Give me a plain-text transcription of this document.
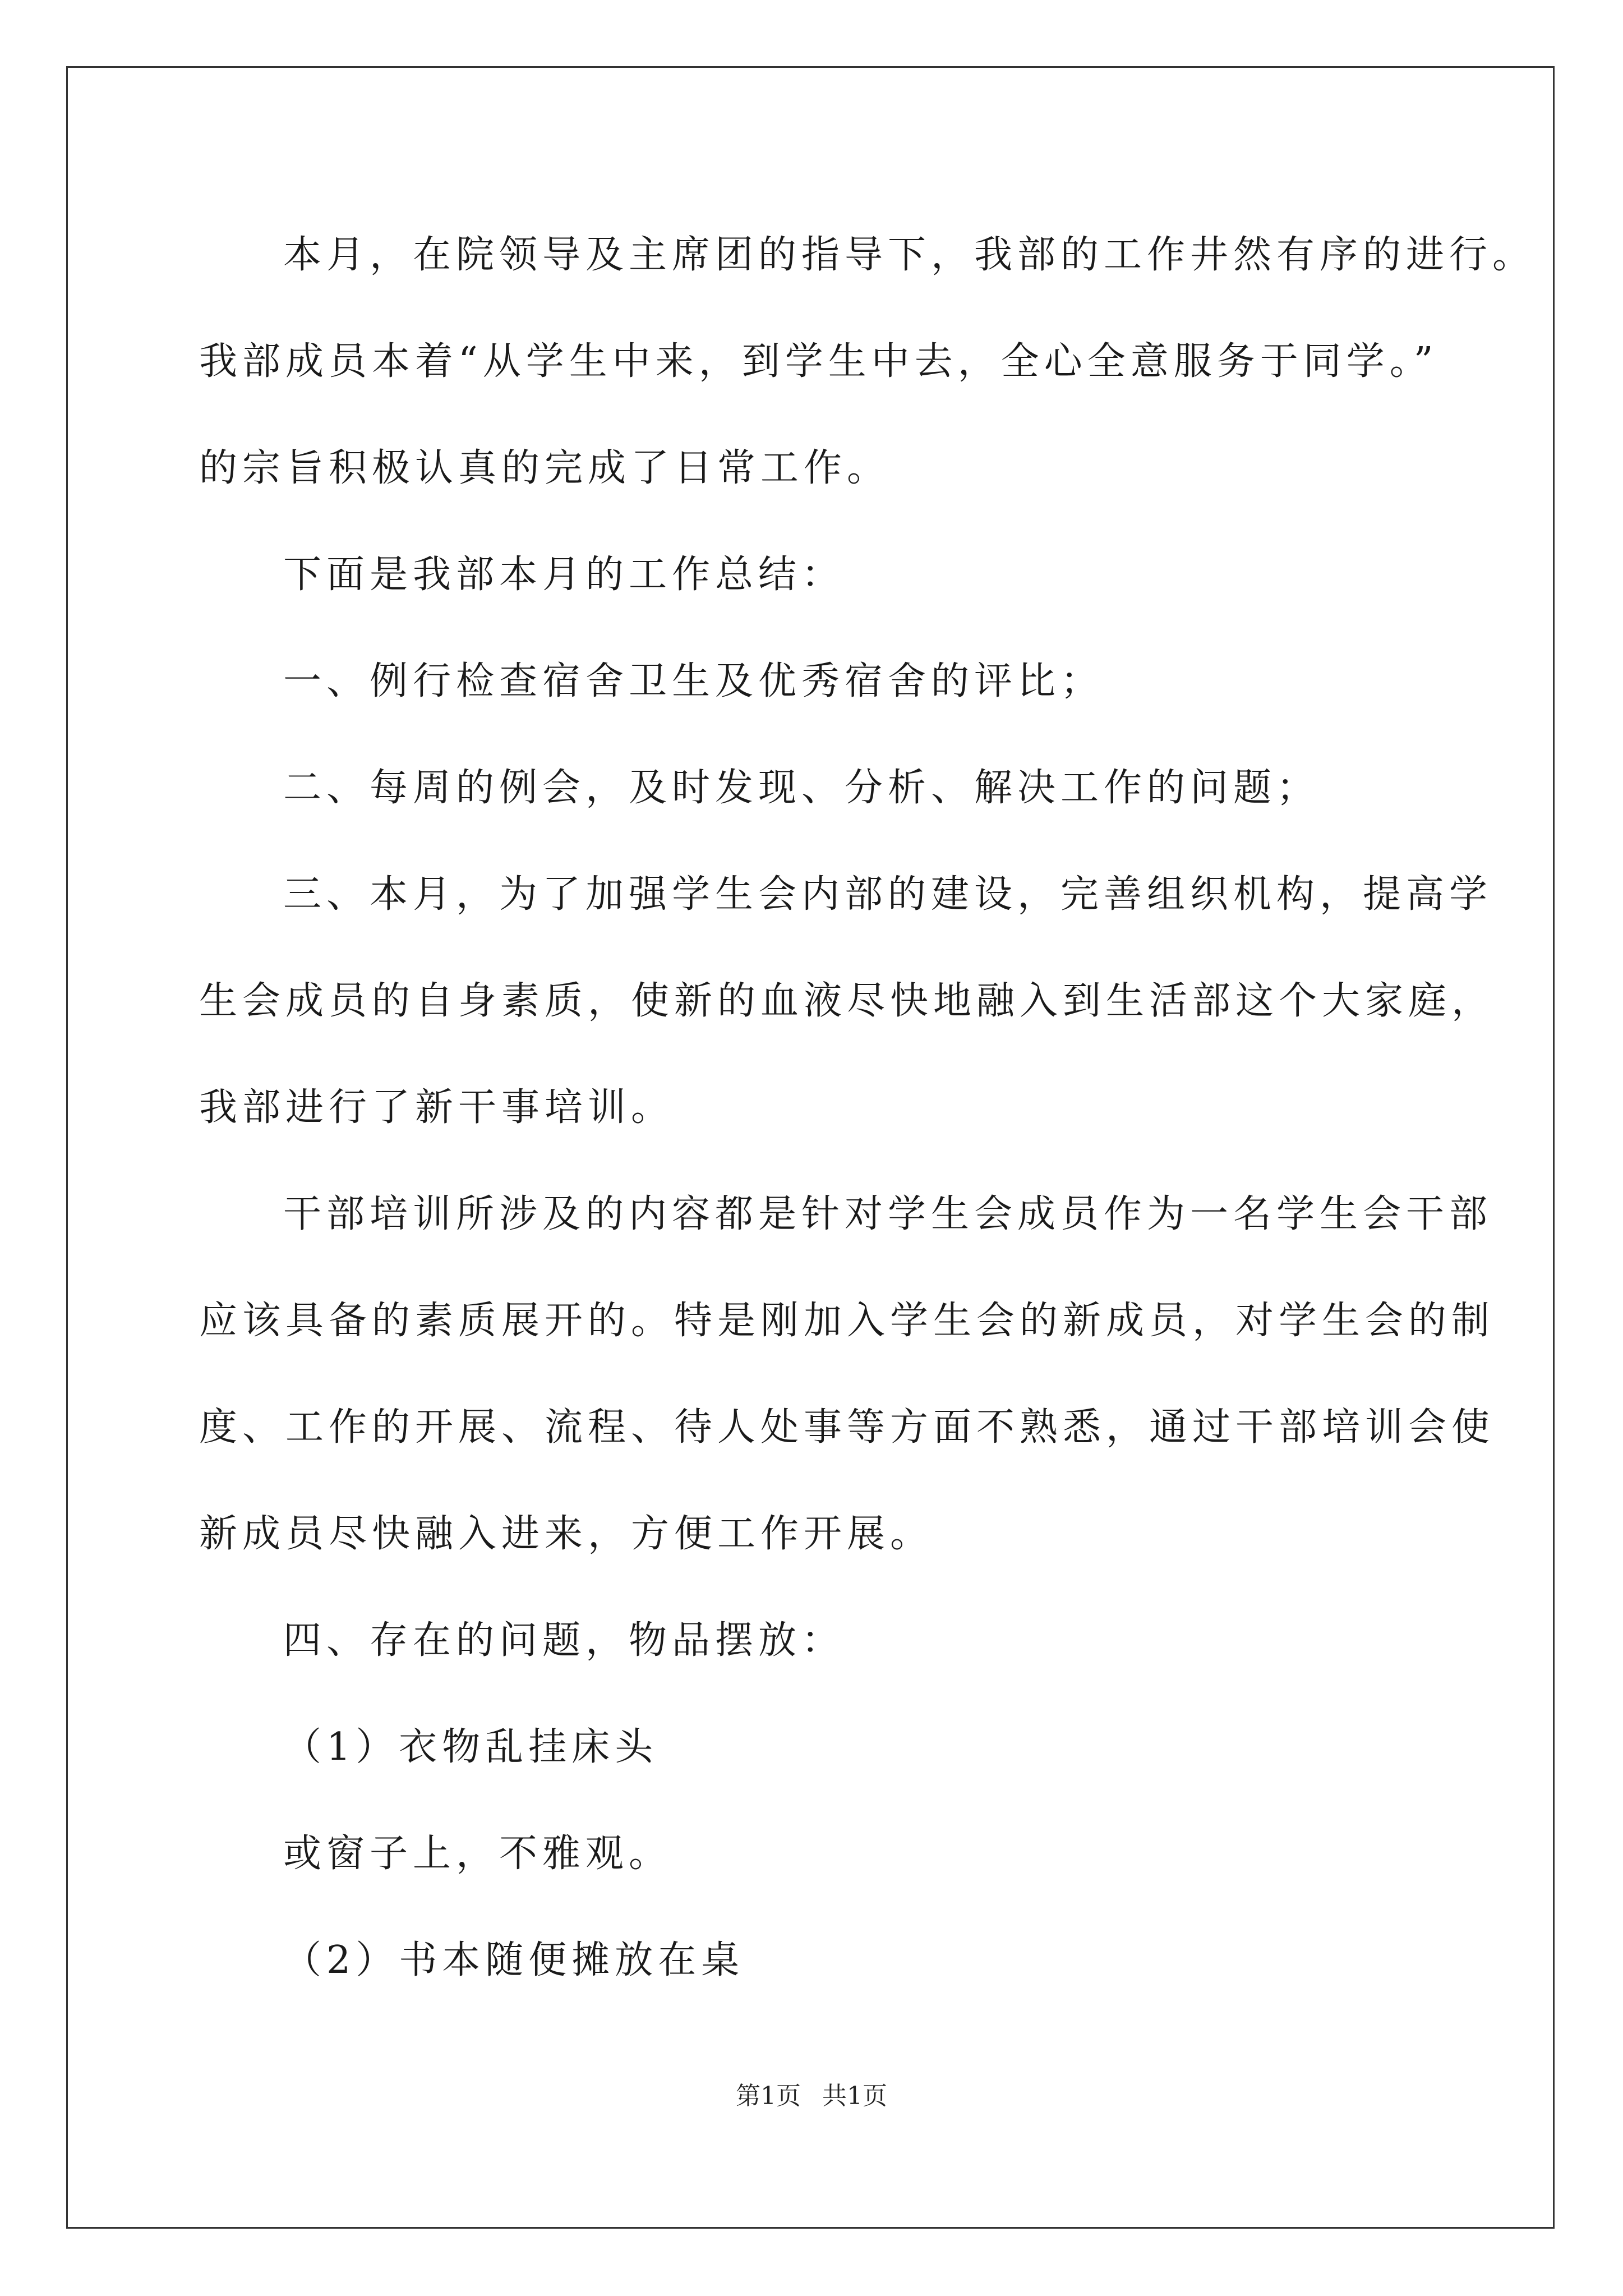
本月，在院领导及主席团的指导下，我部的工作井然有序的进行。

我部成员本着“从学生中来，到学生中去，全心全意服务于同学。”

的宗旨积极认真的完成了日常工作。

下面是我部本月的工作总结：

一、例行检查宿舍卫生及优秀宿舍的评比；

二、每周的例会，及时发现、分析、解决工作的问题；

三、本月，为了加强学生会内部的建设，完善组织机构，提高学

生会成员的自身素质，使新的血液尽快地融入到生活部这个大家庭，

我部进行了新干事培训。

干部培训所涉及的内容都是针对学生会成员作为一名学生会干部

应该具备的素质展开的。特是刚加入学生会的新成员，对学生会的制

度、工作的开展、流程、待人处事等方面不熟悉，通过干部培训会使

新成员尽快融入进来，方便工作开展。

四、存在的问题，物品摆放：

（1）衣物乱挂床头

或窗子上，不雅观。

（2）书本随便摊放在桌

第1页 共1页
